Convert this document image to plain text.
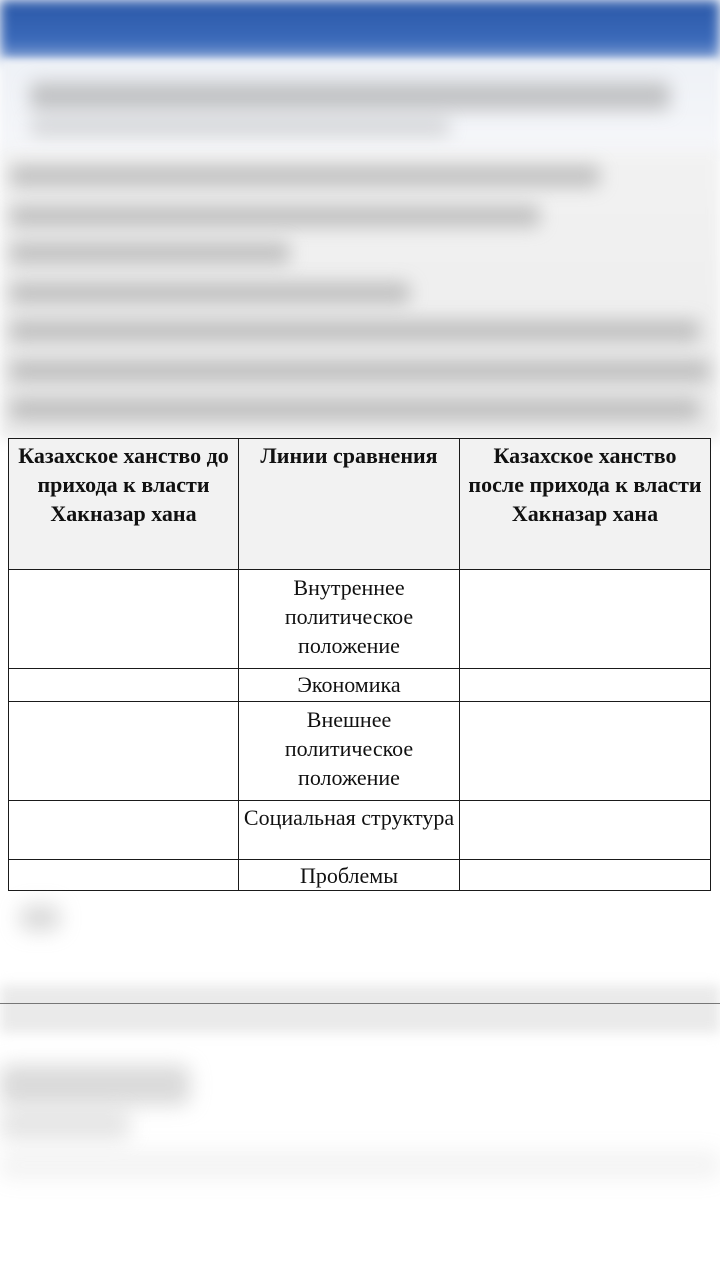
Казахское ханство до прихода к власти Хакназар хана	Линии сравнения	Казахское ханство после прихода к власти Хакназар хана
	Внутреннее политическое положение	
	Экономика	
	Внешнее политическое положение	
	Социальная структура	
	Проблемы	
